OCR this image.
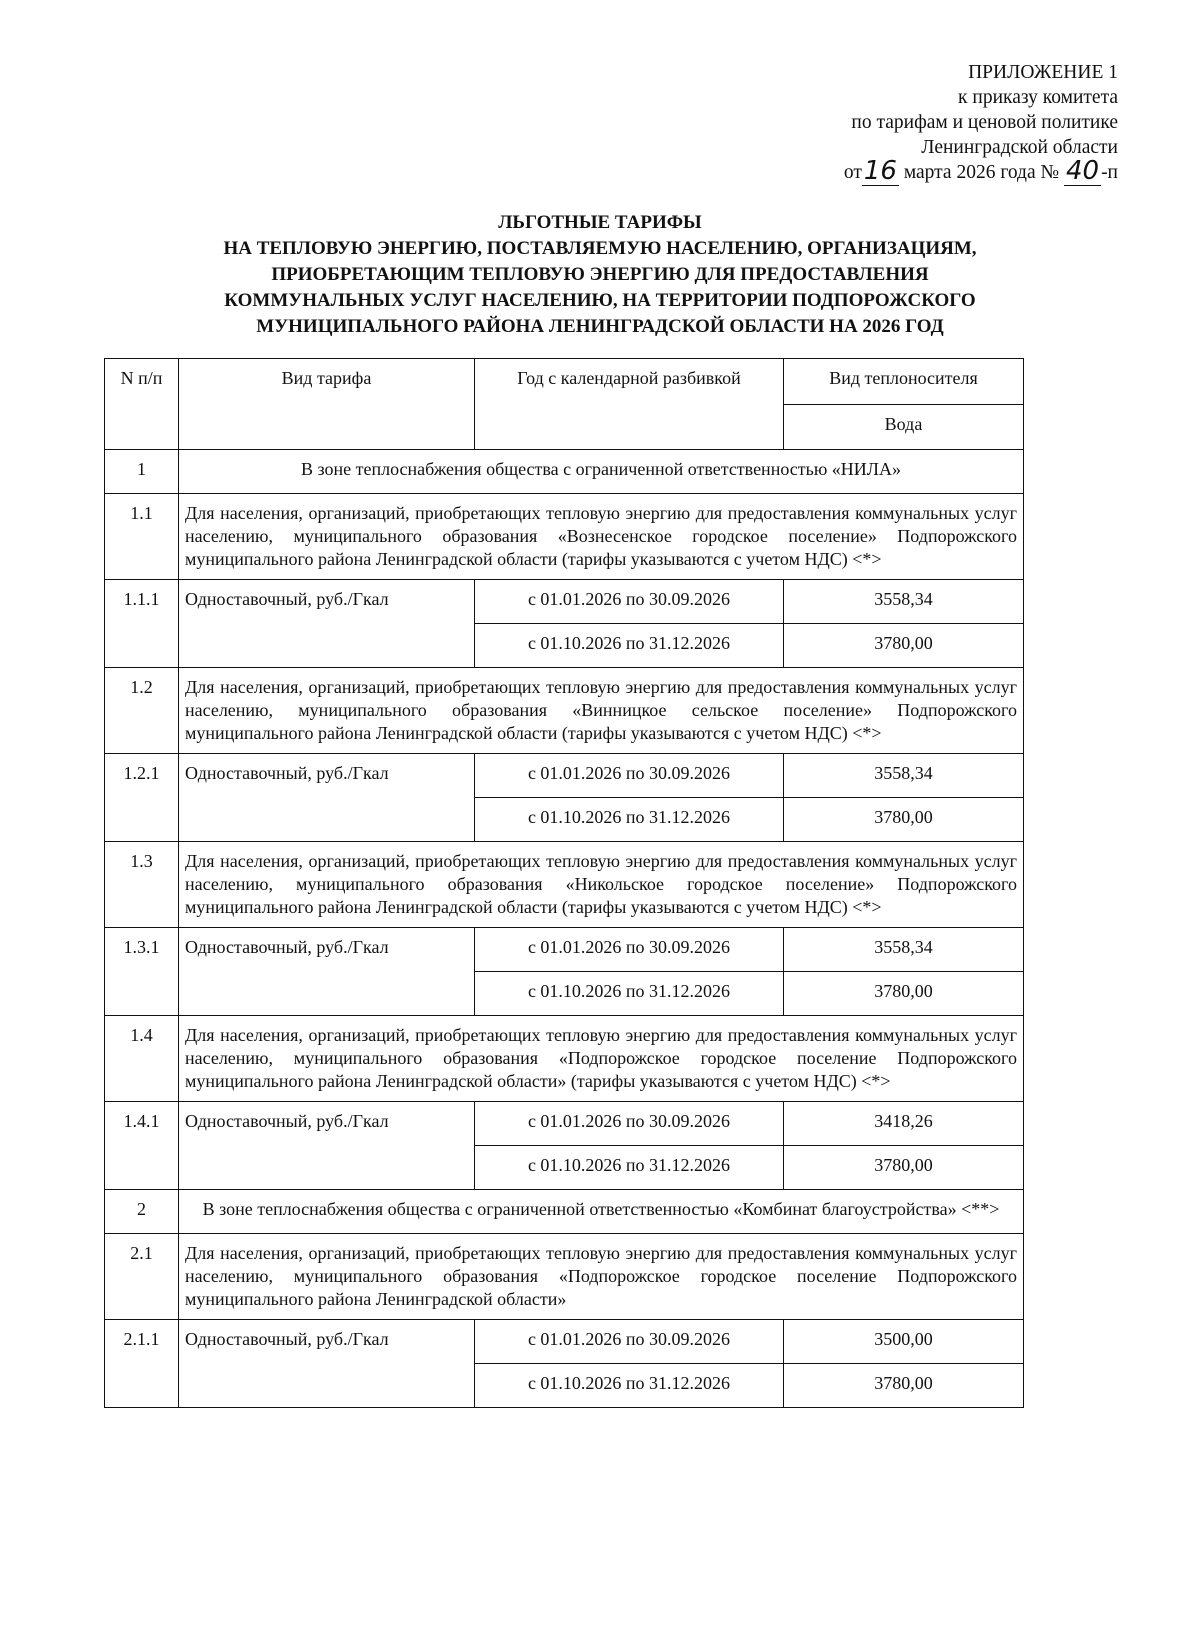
ПРИЛОЖЕНИЕ 1
к приказу комитета
по тарифам и ценовой политике
Ленинградской области
от16 марта 2026 года № 40 -п
ЛЬГОТНЫЕ ТАРИФЫ
НА ТЕПЛОВУЮ ЭНЕРГИЮ, ПОСТАВЛЯЕМУЮ НАСЕЛЕНИЮ, ОРГАНИЗАЦИЯМ,
ПРИОБРЕТАЮЩИМ ТЕПЛОВУЮ ЭНЕРГИЮ ДЛЯ ПРЕДОСТАВЛЕНИЯ
КОММУНАЛЬНЫХ УСЛУГ НАСЕЛЕНИЮ, НА ТЕРРИТОРИИ ПОДПОРОЖСКОГО
МУНИЦИПАЛЬНОГО РАЙОНА ЛЕНИНГРАДСКОЙ ОБЛАСТИ НА 2026 ГОД
N п/п	Вид тарифа	Год с календарной разбивкой	Вид теплоносителя
			Вода
1	В зоне теплоснабжения общества с ограниченной ответственностью «НИЛА»		
1.1	Для населения, организаций, приобретающих тепловую энергию для предоставления коммунальных услуг населению, муниципального образования «Вознесенское городское поселение» Подпорожского муниципального района Ленинградской области (тарифы указываются с учетом НДС) <*>		
1.1.1	Одноставочный, руб./Гкал	с 01.01.2026 по 30.09.2026	3558,34
		с 01.10.2026 по 31.12.2026	3780,00
1.2	Для населения, организаций, приобретающих тепловую энергию для предоставления коммунальных услуг населению, муниципального образования «Винницкое сельское поселение» Подпорожского муниципального района Ленинградской области (тарифы указываются с учетом НДС) <*>		
1.2.1	Одноставочный, руб./Гкал	с 01.01.2026 по 30.09.2026	3558,34
		с 01.10.2026 по 31.12.2026	3780,00
1.3	Для населения, организаций, приобретающих тепловую энергию для предоставления коммунальных услуг населению, муниципального образования «Никольское городское поселение» Подпорожского муниципального района Ленинградской области (тарифы указываются с учетом НДС) <*>		
1.3.1	Одноставочный, руб./Гкал	с 01.01.2026 по 30.09.2026	3558,34
		с 01.10.2026 по 31.12.2026	3780,00
1.4	Для населения, организаций, приобретающих тепловую энергию для предоставления коммунальных услуг населению, муниципального образования «Подпорожское городское поселение Подпорожского муниципального района Ленинградской области» (тарифы указываются с учетом НДС) <*>		
1.4.1	Одноставочный, руб./Гкал	с 01.01.2026 по 30.09.2026	3418,26
		с 01.10.2026 по 31.12.2026	3780,00
2	В зоне теплоснабжения общества с ограниченной ответственностью «Комбинат благоустройства» <**>		
2.1	Для населения, организаций, приобретающих тепловую энергию для предоставления коммунальных услуг населению, муниципального образования «Подпорожское городское поселение Подпорожского муниципального района Ленинградской области»		
2.1.1	Одноставочный, руб./Гкал	с 01.01.2026 по 30.09.2026	3500,00
		с 01.10.2026 по 31.12.2026	3780,00
